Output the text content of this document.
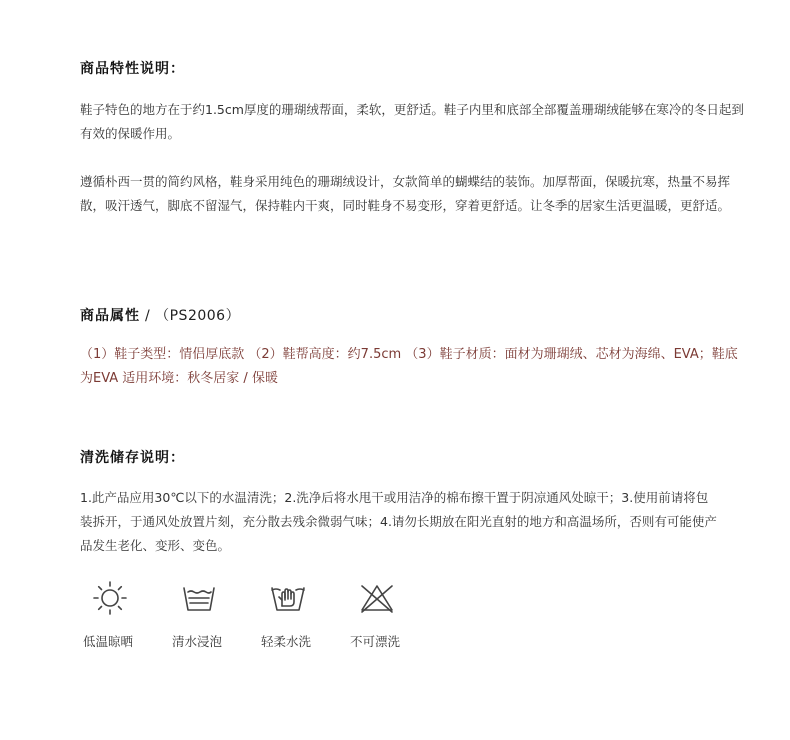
商品特性说明：

鞋子特色的地方在于约1.5cm厚度的珊瑚绒帮面，柔软，更舒适。鞋子内里和底部全部覆盖珊瑚绒能够在寒冷的冬日起到有效的保暖作用。

遵循朴西一贯的简约风格，鞋身采用纯色的珊瑚绒设计，女款简单的蝴蝶结的装饰。加厚帮面，保暖抗寒，热量不易挥散，吸汗透气，脚底不留湿气，保持鞋内干爽，同时鞋身不易变形，穿着更舒适。让冬季的居家生活更温暖，更舒适。

商品属性 / （PS2006）

（1）鞋子类型：情侣厚底款 （2）鞋帮高度：约7.5cm （3）鞋子材质：面材为珊瑚绒、芯材为海绵、EVA；鞋底为EVA 适用环境：秋冬居家 / 保暖

清洗储存说明：

1.此产品应用30℃以下的水温清洗；2.洗净后将水甩干或用洁净的棉布擦干置于阴凉通风处晾干；3.使用前请将包装拆开，于通风处放置片刻，充分散去残余微弱气味；4.请勿长期放在阳光直射的地方和高温场所，否则有可能使产品发生老化、变形、变色。

低温晾晒	清水浸泡	轻柔水洗	不可漂洗
